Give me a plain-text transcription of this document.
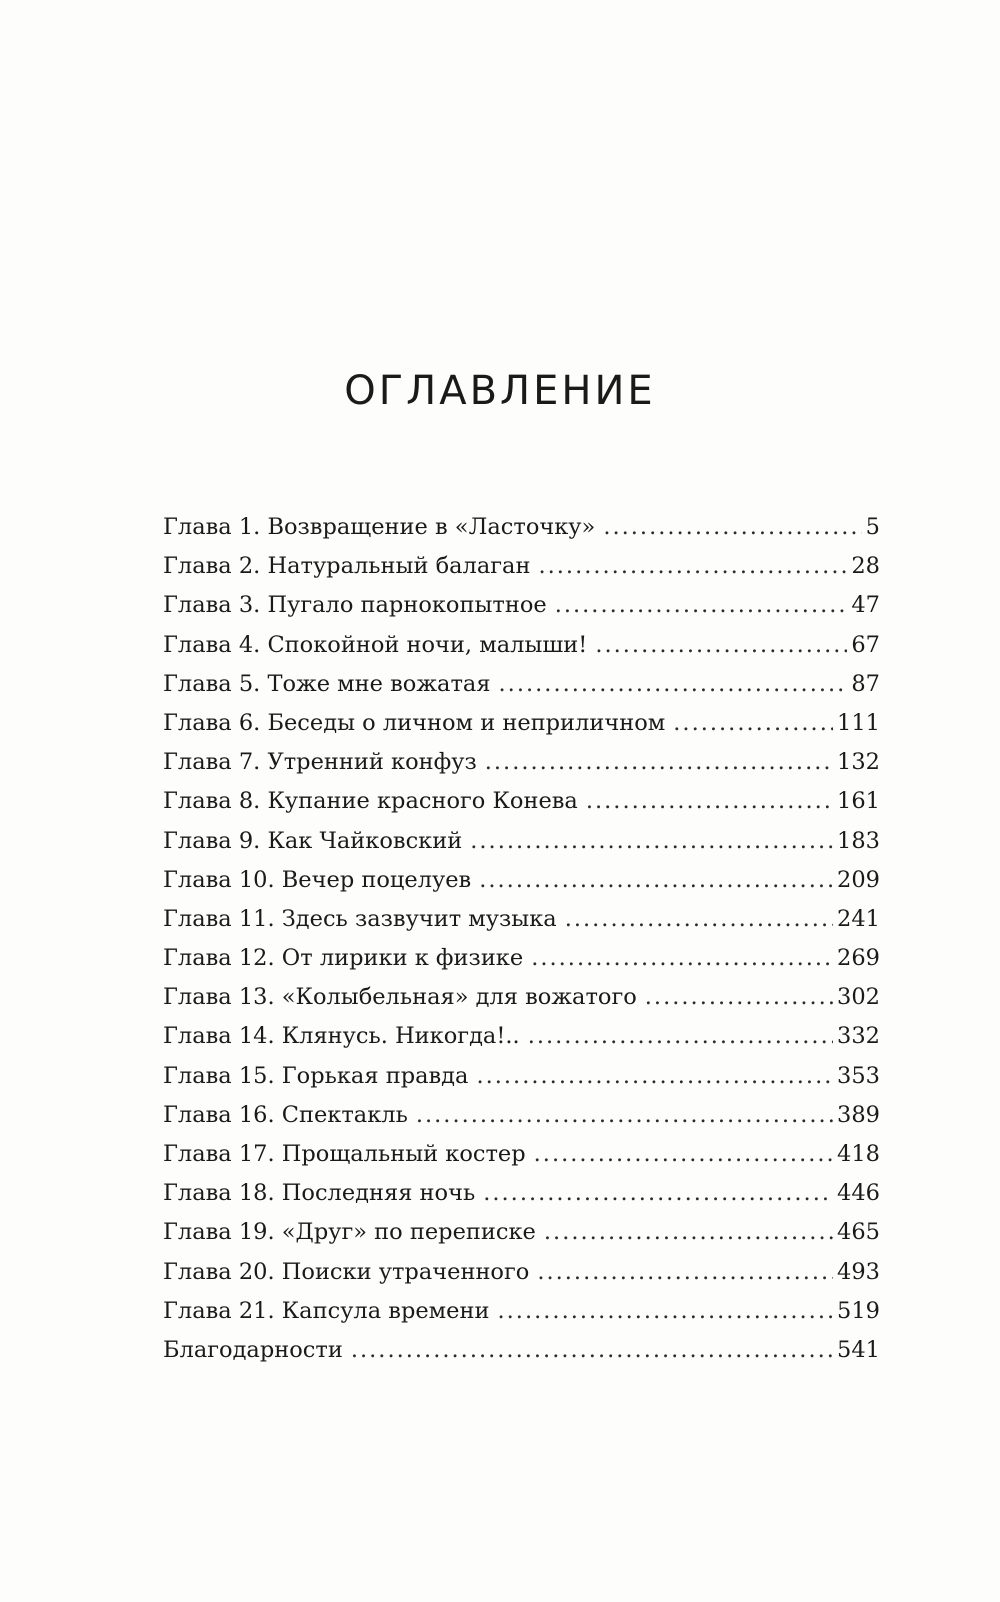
ОГЛАВЛЕНИЕ
Глава 1. Возвращение в «Ласточку» .....	5
Глава 2. Натуральный балаган .....	28
Глава 3. Пугало парнокопытное .....	47
Глава 4. Спокойной ночи, малыши! .....	67
Глава 5. Тоже мне вожатая .....	87
Глава 6. Беседы о личном и неприличном .....	111
Глава 7. Утренний конфуз .....	132
Глава 8. Купание красного Конева .....	161
Глава 9. Как Чайковский .....	183
Глава 10. Вечер поцелуев .....	209
Глава 11. Здесь зазвучит музыка .....	241
Глава 12. От лирики к физике .....	269
Глава 13. «Колыбельная» для вожатого .....	302
Глава 14. Клянусь. Никогда!.. .....	332
Глава 15. Горькая правда .....	353
Глава 16. Спектакль .....	389
Глава 17. Прощальный костер .....	418
Глава 18. Последняя ночь .....	446
Глава 19. «Друг» по переписке .....	465
Глава 20. Поиски утраченного .....	493
Глава 21. Капсула времени .....	519
Благодарности .....	541
